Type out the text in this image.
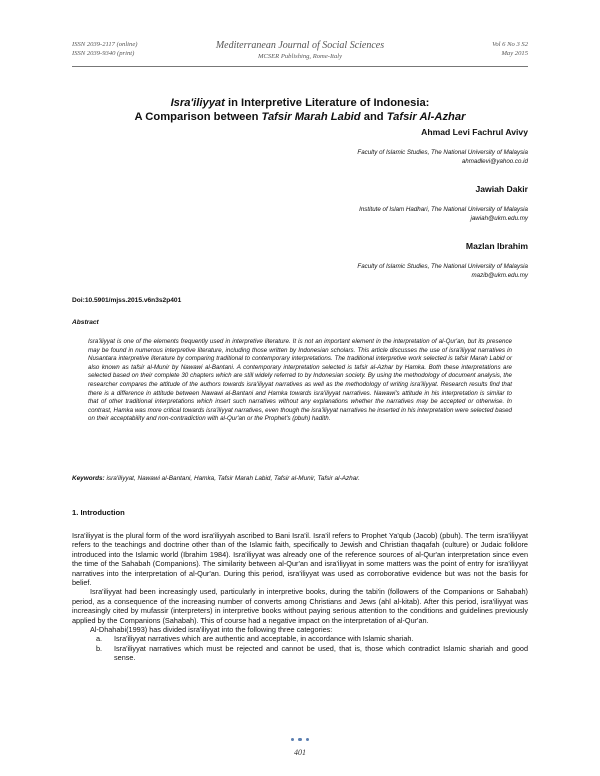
ISSN 2039-2117 (online)
ISSN 2039-9340 (print)
Mediterranean Journal of Social Sciences
MCSER Publishing, Rome-Italy
Vol 6 No 3 S2
May 2015
Isra'iliyyat in Interpretive Literature of Indonesia:
A Comparison between Tafsir Marah Labid and Tafsir Al-Azhar
Ahmad Levi Fachrul Avivy
Faculty of Islamic Studies, The National University of Malaysia
ahmadlevi@yahoo.co.id
Jawiah Dakir
Institute of Islam Hadhari, The National University of Malaysia
jawiah@ukm.edu.my
Mazlan Ibrahim
Faculty of Islamic Studies, The National University of Malaysia
mazib@ukm.edu.my
Doi:10.5901/mjss.2015.v6n3s2p401
Abstract
Isra'iliyyat is one of the elements frequently used in interpretive literature. It is not an important element in the interpretation of al-Qur'an, but its presence may be found in numerous interpretive literature, including those written by Indonesian scholars. This article discusses the use of isra'iliyyat narratives in Nusantara interpretive literature by comparing traditional to contemporary interpretations. The traditional interpretive work selected is tafsir Marah Labid or also known as tafsir al-Munir by Nawawi al-Bantani. A contemporary interpretation selected is tafsir al-Azhar by Hamka. Both these interpretations are selected based on their complete 30 chapters which are still widely referred to by Indonesian society. By using the methodology of document analysis, the researcher compares the attitude of the authors towards isra'iliyyat narratives as well as the methodology of writing isra'iliyyat. Research results find that there is a difference in attitude between Nawawi al-Bantani and Hamka towards isra'iliyyat narratives. Nawawi's attitude in his interpretation is similar to that of other traditional interpretations which insert such narratives without any explanations whether the narratives may be accepted or otherwise. In contrast, Hamka was more critical towards isra'iliyyat narratives, even though the isra'iliyyat narratives he inserted in his interpretation were selected based on their acceptability and non-contradiction with al-Qur'an or the Prophet's (pbuh) hadith.
Keywords: isra'iliyyat, Nawawi al-Bantani, Hamka, Tafsir Marah Labid, Tafsir al-Munir, Tafsir al-Azhar.
1. Introduction

Isra'iliyyat is the plural form of the word isra'iliyyah ascribed to Bani Isra'il. Isra'il refers to Prophet Ya'qub (Jacob) (pbuh). The term isra'iliyyat refers to the teachings and doctrine other than of the Islamic faith, specifically to Jewish and Christian thaqafah (culture) or Judaic folklore introduced into the Islamic world (Ibrahim 1984). Isra'iliyyat was already one of the reference sources of al-Qur'an interpretation since even the time of the Sahabah (Companions). The similarity between al-Qur'an and isra'iliyyat in some matters was the point of entry for isra'iliyyat narratives into the interpretation of al-Qur'an. During this period, isra'iliyyat was used as corroborative evidence but was not the basis for belief.

Isra'iliyyat had been increasingly used, particularly in interpretive books, during the tabi'in (followers of the Companions or Sahabah) period, as a consequence of the increasing number of converts among Christians and Jews (ahl al-kitab). After this period, isra'iliyyat was increasingly cited by mufassir (interpreters) in interpretive books without paying serious attention to the conditions and guidelines previously applied by the Companions (Sahabah). This of course had a negative impact on the interpretation of al-Qur'an.

Al-Dhahabi(1993) has divided isra'iliyyat into the following three categories:

a. Isra'iliyyat narratives which are authentic and acceptable, in accordance with Islamic shariah.
b. Isra'iliyyat narratives which must be rejected and cannot be used, that is, those which contradict Islamic shariah and good sense.
401
